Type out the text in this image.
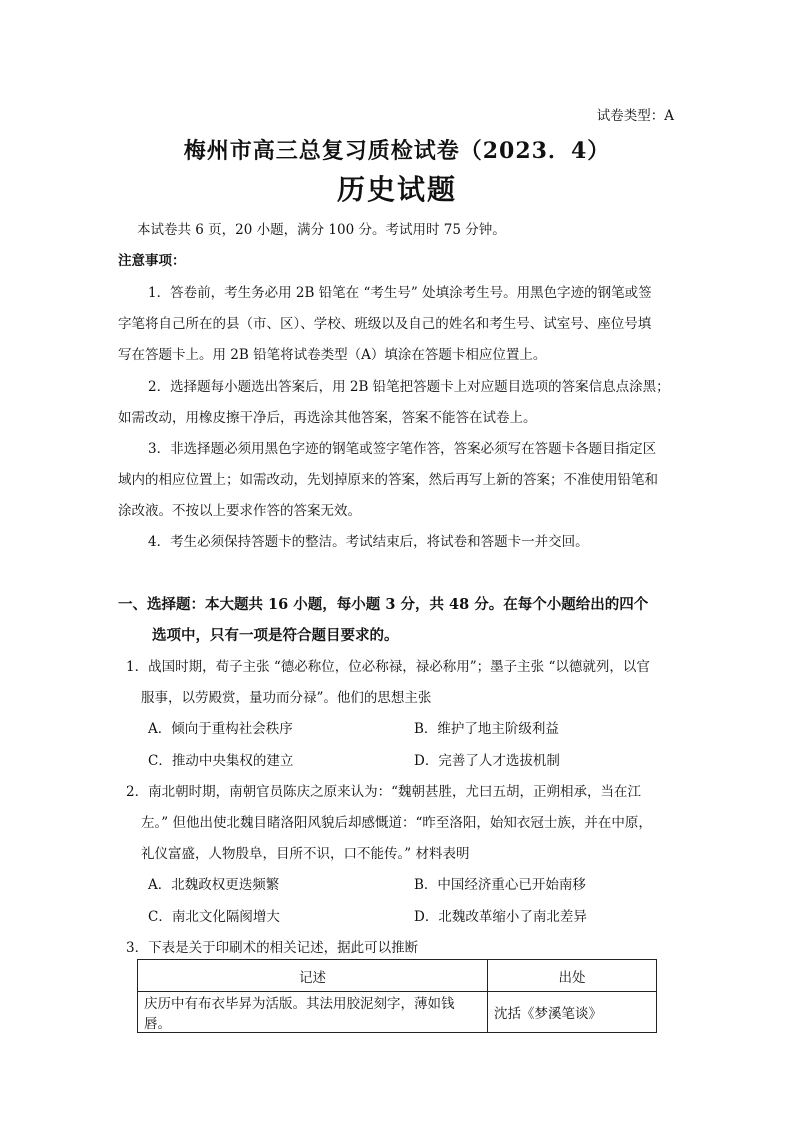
试卷类型：A
梅州市高三总复习质检试卷（2023．4）
历史试题
本试卷共 6 页，20 小题，满分 100 分。考试用时 75 分钟。
注意事项：
1．答卷前，考生务必用 2B 铅笔在 “考生号” 处填涂考生号。用黑色字迹的钢笔或签
字笔将自己所在的县（市、区）、学校、班级以及自己的姓名和考生号、试室号、座位号填
写在答题卡上。用 2B 铅笔将试卷类型（A）填涂在答题卡相应位置上。
2．选择题每小题选出答案后，用 2B 铅笔把答题卡上对应题目选项的答案信息点涂黑；
如需改动，用橡皮擦干净后，再选涂其他答案，答案不能答在试卷上。
3．非选择题必须用黑色字迹的钢笔或签字笔作答，答案必须写在答题卡各题目指定区
域内的相应位置上；如需改动，先划掉原来的答案，然后再写上新的答案；不准使用铅笔和
涂改液。不按以上要求作答的答案无效。
4．考生必须保持答题卡的整洁。考试结束后，将试卷和答题卡一并交回。
一、选择题：本大题共 16 小题，每小题 3 分，共 48 分。在每个小题给出的四个
选项中，只有一项是符合题目要求的。
1．战国时期，荀子主张 “德必称位，位必称禄，禄必称用”；墨子主张 “以德就列，以官
服事，以劳殿赏，量功而分禄”。他们的思想主张
A．倾向于重构社会秩序	B．维护了地主阶级利益
C．推动中央集权的建立	D．完善了人才选拔机制
2．南北朝时期，南朝官员陈庆之原来认为：“魏朝甚胜，尤曰五胡，正朔相承，当在江
左。” 但他出使北魏目睹洛阳风貌后却感慨道：“昨至洛阳，始知衣冠士族，并在中原，
礼仪富盛，人物殷阜，目所不识，口不能传。” 材料表明
A．北魏政权更迭频繁	B．中国经济重心已开始南移
C．南北文化隔阂增大	D．北魏改革缩小了南北差异
3．下表是关于印刷术的相关记述，据此可以推断
记述	出处
庆历中有布衣毕昇为活版。其法用胶泥刻字，薄如钱唇。	沈括《梦溪笔谈》
